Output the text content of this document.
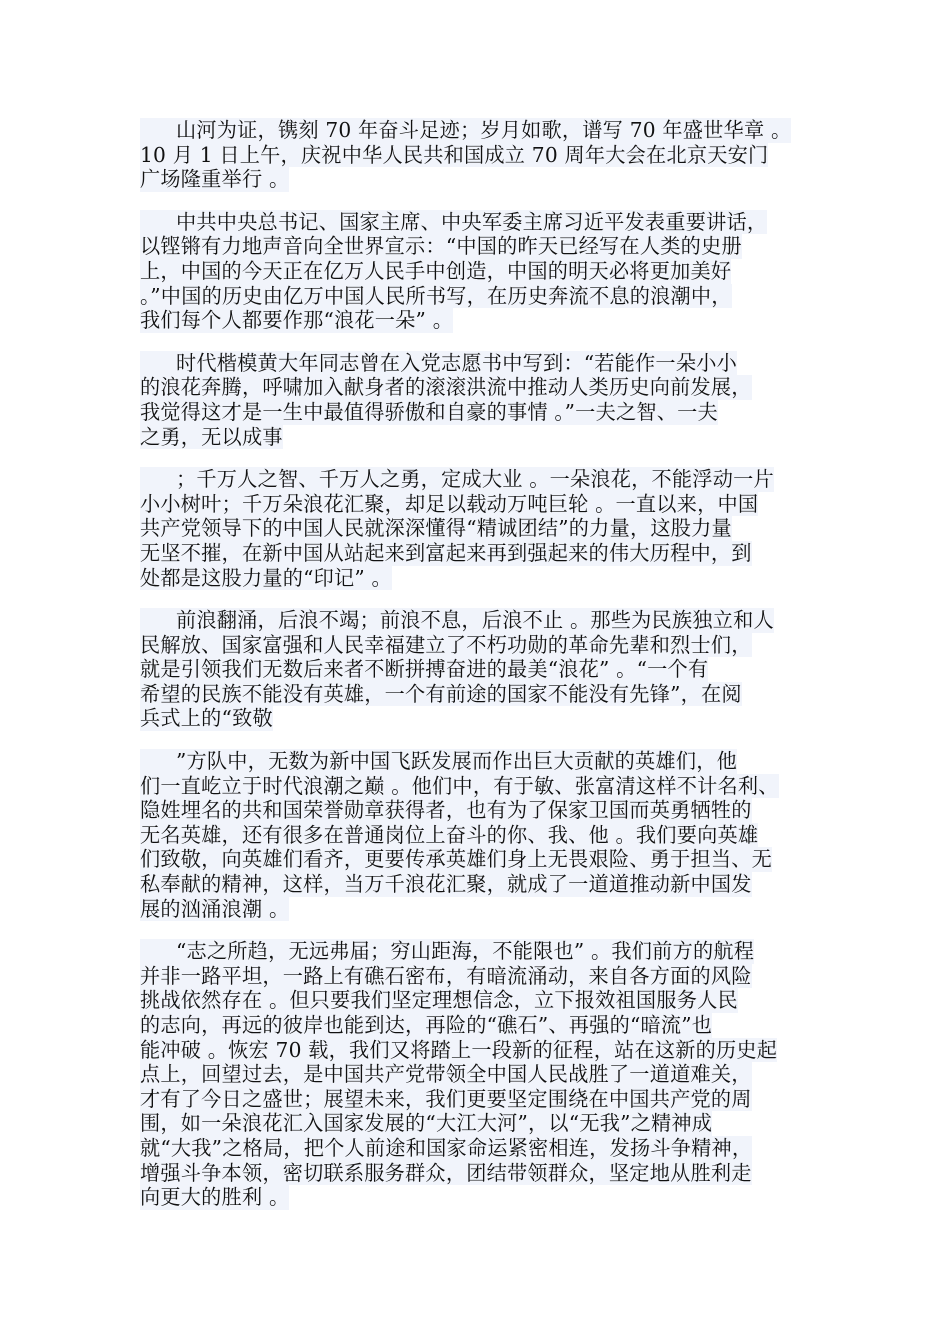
山河为证，镌刻 70 年奋斗足迹；岁月如歌，谱写 70 年盛世华章 。
10 月 1 日上午，庆祝中华人民共和国成立 70 周年大会在北京天安门
广场隆重举行 。
中共中央总书记、国家主席、中央军委主席习近平发表重要讲话，
以铿锵有力地声音向全世界宣示：“中国的昨天已经写在人类的史册
上，中国的今天正在亿万人民手中创造，中国的明天必将更加美好
。”中国的历史由亿万中国人民所书写，在历史奔流不息的浪潮中，
我们每个人都要作那“浪花一朵” 。
时代楷模黄大年同志曾在入党志愿书中写到：“若能作一朵小小
的浪花奔腾，呼啸加入献身者的滚滚洪流中推动人类历史向前发展，
我觉得这才是一生中最值得骄傲和自豪的事情 。”一夫之智、一夫
之勇，无以成事
；千万人之智、千万人之勇，定成大业 。一朵浪花，不能浮动一片
小小树叶；千万朵浪花汇聚，却足以载动万吨巨轮 。一直以来，中国
共产党领导下的中国人民就深深懂得“精诚团结”的力量，这股力量
无坚不摧，在新中国从站起来到富起来再到强起来的伟大历程中，到
处都是这股力量的“印记” 。
前浪翻涌，后浪不竭；前浪不息，后浪不止 。那些为民族独立和人
民解放、国家富强和人民幸福建立了不朽功勋的革命先辈和烈士们，
就是引领我们无数后来者不断拼搏奋进的最美“浪花” 。“一个有
希望的民族不能没有英雄，一个有前途的国家不能没有先锋”，在阅
兵式上的“致敬
”方队中，无数为新中国飞跃发展而作出巨大贡献的英雄们，他
们一直屹立于时代浪潮之巅 。他们中，有于敏、张富清这样不计名利、
隐姓埋名的共和国荣誉勋章获得者，也有为了保家卫国而英勇牺牲的
无名英雄，还有很多在普通岗位上奋斗的你、我、他 。我们要向英雄
们致敬，向英雄们看齐，更要传承英雄们身上无畏艰险、勇于担当、无
私奉献的精神，这样，当万千浪花汇聚，就成了一道道推动新中国发
展的汹涌浪潮 。
“志之所趋，无远弗届；穷山距海，不能限也” 。我们前方的航程
并非一路平坦，一路上有礁石密布，有暗流涌动，来自各方面的风险
挑战依然存在 。但只要我们坚定理想信念，立下报效祖国服务人民
的志向，再远的彼岸也能到达，再险的“礁石”、再强的“暗流”也
能冲破 。恢宏 70 载，我们又将踏上一段新的征程，站在这新的历史起
点上，回望过去，是中国共产党带领全中国人民战胜了一道道难关，
才有了今日之盛世；展望未来，我们更要坚定围绕在中国共产党的周
围，如一朵浪花汇入国家发展的“大江大河”，以“无我”之精神成
就“大我”之格局，把个人前途和国家命运紧密相连，发扬斗争精神，
增强斗争本领，密切联系服务群众，团结带领群众，坚定地从胜利走
向更大的胜利 。
